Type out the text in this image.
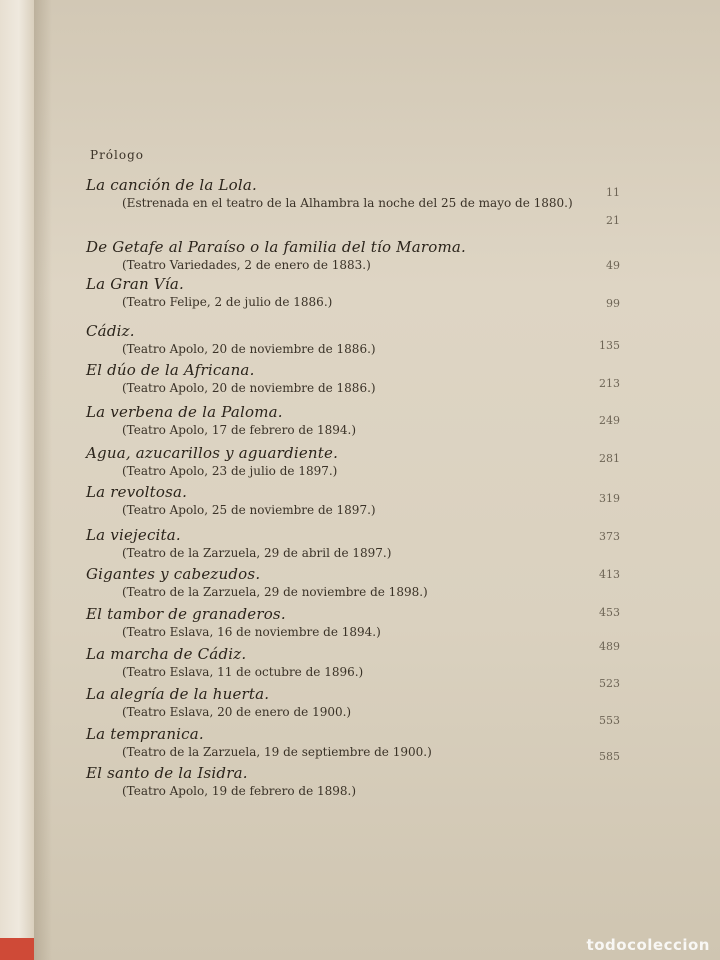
Prólogo
La canción de la Lola.
(Estrenada en el teatro de la Alhambra la noche del 25 de mayo de 1880.)
De Getafe al Paraíso o la familia del tío Maroma.
(Teatro Variedades, 2 de enero de 1883.)
La Gran Vía.
(Teatro Felipe, 2 de julio de 1886.)
Cádiz.
(Teatro Apolo, 20 de noviembre de 1886.)
El dúo de la Africana.
(Teatro Apolo, 20 de noviembre de 1886.)
La verbena de la Paloma.
(Teatro Apolo, 17 de febrero de 1894.)
Agua, azucarillos y aguardiente.
(Teatro Apolo, 23 de julio de 1897.)
La revoltosa.
(Teatro Apolo, 25 de noviembre de 1897.)
La viejecita.
(Teatro de la Zarzuela, 29 de abril de 1897.)
Gigantes y cabezudos.
(Teatro de la Zarzuela, 29 de noviembre de 1898.)
El tambor de granaderos.
(Teatro Eslava, 16 de noviembre de 1894.)
La marcha de Cádiz.
(Teatro Eslava, 11 de octubre de 1896.)
La alegría de la huerta.
(Teatro Eslava, 20 de enero de 1900.)
La tempranica.
(Teatro de la Zarzuela, 19 de septiembre de 1900.)
El santo de la Isidra.
(Teatro Apolo, 19 de febrero de 1898.)
11
21
49
99
135
213
249
281
319
373
413
453
489
523
553
585
todocoleccion
